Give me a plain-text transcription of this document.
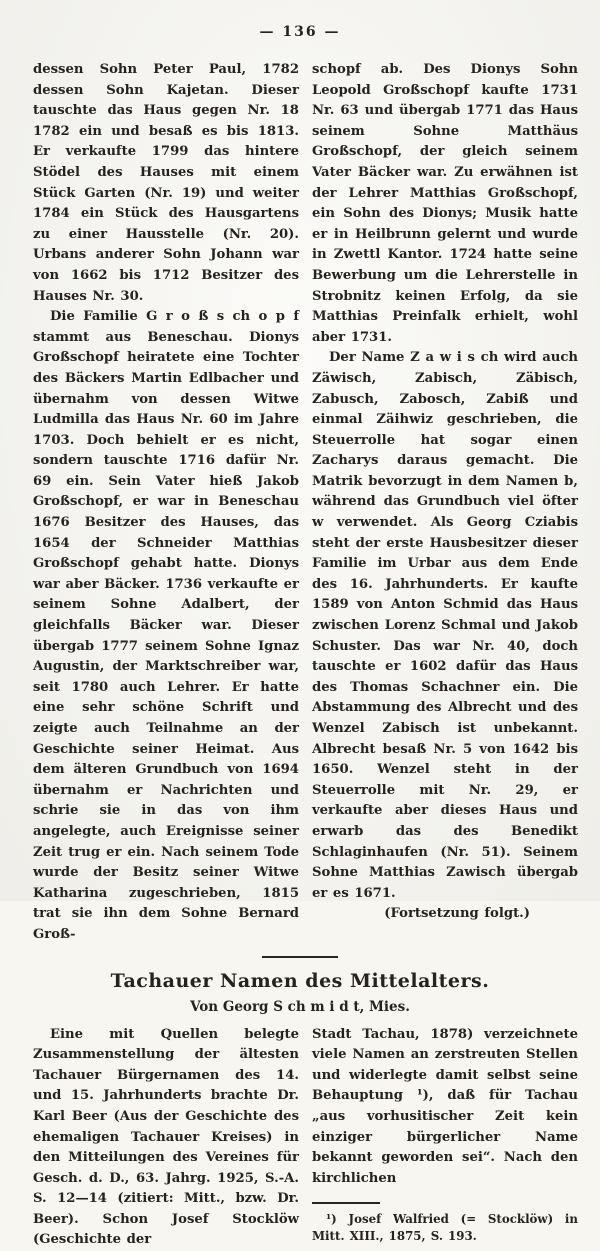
— 136 —

dessen Sohn Peter Paul, 1782 dessen Sohn Kajetan. Dieser tauschte das Haus gegen Nr. 18 1782 ein und besaß es bis 1813. Er verkaufte 1799 das hintere Stödel des Hauses mit einem Stück Garten (Nr. 19) und weiter 1784 ein Stück des Hausgartens zu einer Hausstelle (Nr. 20). Urbans anderer Sohn Johann war von 1662 bis 1712 Besitzer des Hauses Nr. 30.

Die Familie G r o ß s ch o p f stammt aus Beneschau. Dionys Großschopf heiratete eine Tochter des Bäckers Martin Edlbacher und übernahm von dessen Witwe Ludmilla das Haus Nr. 60 im Jahre 1703. Doch behielt er es nicht, sondern tauschte 1716 dafür Nr. 69 ein. Sein Vater hieß Jakob Großschopf, er war in Beneschau 1676 Besitzer des Hauses, das 1654 der Schneider Matthias Großschopf gehabt hatte. Dionys war aber Bäcker. 1736 verkaufte er seinem Sohne Adalbert, der gleichfalls Bäcker war. Dieser übergab 1777 seinem Sohne Ignaz Augustin, der Marktschreiber war, seit 1780 auch Lehrer. Er hatte eine sehr schöne Schrift und zeigte auch Teilnahme an der Geschichte seiner Heimat. Aus dem älteren Grundbuch von 1694 übernahm er Nachrichten und schrie sie in das von ihm angelegte, auch Ereignisse seiner Zeit trug er ein. Nach seinem Tode wurde der Besitz seiner Witwe Katharina zugeschrieben, 1815 trat sie ihn dem Sohne Bernard Groß-

schopf ab. Des Dionys Sohn Leopold Großschopf kaufte 1731 Nr. 63 und übergab 1771 das Haus seinem Sohne Matthäus Großschopf, der gleich seinem Vater Bäcker war. Zu erwähnen ist der Lehrer Matthias Großschopf, ein Sohn des Dionys; Musik hatte er in Heilbrunn gelernt und wurde in Zwettl Kantor. 1724 hatte seine Bewerbung um die Lehrerstelle in Strobnitz keinen Erfolg, da sie Matthias Preinfalk erhielt, wohl aber 1731.

Der Name Z a w i s ch wird auch Zäwisch, Zabisch, Zäbisch, Zabusch, Zabosch, Zabiß und einmal Zäihwiz geschrieben, die Steuerrolle hat sogar einen Zacharys daraus gemacht. Die Matrik bevorzugt in dem Namen b, während das Grundbuch viel öfter w verwendet. Als Georg Cziabis steht der erste Hausbesitzer dieser Familie im Urbar aus dem Ende des 16. Jahrhunderts. Er kaufte 1589 von Anton Schmid das Haus zwischen Lorenz Schmal und Jakob Schuster. Das war Nr. 40, doch tauschte er 1602 dafür das Haus des Thomas Schachner ein. Die Abstammung des Albrecht und des Wenzel Zabisch ist unbekannt. Albrecht besaß Nr. 5 von 1642 bis 1650. Wenzel steht in der Steuerrolle mit Nr. 29, er verkaufte aber dieses Haus und erwarb das des Benedikt Schlaginhaufen (Nr. 51). Seinem Sohne Matthias Zawisch übergab er es 1671.

(Fortsetzung folgt.)

Tachauer Namen des Mittelalters.
Von Georg S ch m i d t, Mies.

Eine mit Quellen belegte Zusammenstellung der ältesten Tachauer Bürgernamen des 14. und 15. Jahrhunderts brachte Dr. Karl Beer (Aus der Geschichte des ehemaligen Tachauer Kreises) in den Mitteilungen des Vereines für Gesch. d. D., 63. Jahrg. 1925, S.-A. S. 12—14 (zitiert: Mitt., bzw. Dr. Beer). Schon Josef Stocklöw (Geschichte der

Stadt Tachau, 1878) verzeichnete viele Namen an zerstreuten Stellen und widerlegte damit selbst seine Behauptung ¹), daß für Tachau „aus vorhusitischer Zeit kein einziger bürgerlicher Name bekannt geworden sei“. Nach den kirchlichen

¹) Josef Walfried (= Stocklöw) in Mitt. XIII., 1875, S. 193.
